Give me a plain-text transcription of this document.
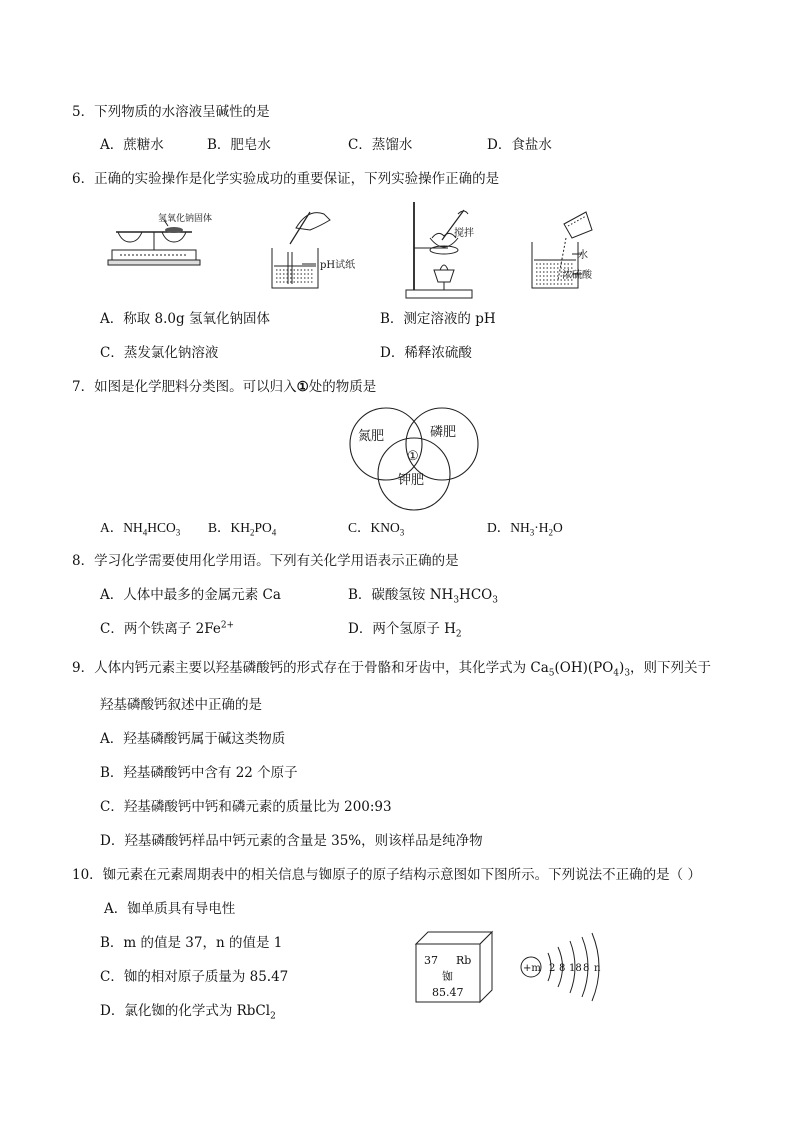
5．下列物质的水溶液呈碱性的是
A．蔗糖水	B．肥皂水	C．蒸馏水	D．食盐水
6．正确的实验操作是化学实验成功的重要保证，下列实验操作正确的是
氢氧化钠固体
pH试纸
搅拌
水
浓硫酸
A．称取 8.0g 氢氧化钠固体	B．测定溶液的 pH
C．蒸发氯化钠溶液	D．稀释浓硫酸
7．如图是化学肥料分类图。可以归入①处的物质是
氮肥	磷肥
钾肥
①
A．$NH_4HCO_3$ B．$KH_2PO_4$	C．$KNO_3$	D．$NH_3\cdot H_2O$
8．学习化学需要使用化学用语。下列有关化学用语表示正确的是
A．人体中最多的金属元素 Ca	B．碳酸氢铵 $NH_3HCO_3$
C．两个铁离子 $2Fe^{2+}$	D．两个氢原子 $H_2$
9．人体内钙元素主要以羟基磷酸钙的形式存在于骨骼和牙齿中，其化学式为 $Ca_5(OH)(PO_4)_3$，则下列关于
羟基磷酸钙叙述中正确的是
A．羟基磷酸钙属于碱这类物质
B．羟基磷酸钙中含有 22 个原子
C．羟基磷酸钙中钙和磷元素的质量比为 200:93
D．羟基磷酸钙样品中钙元素的含量是 35%，则该样品是纯净物
10．铷元素在元素周期表中的相关信息与铷原子的原子结构示意图如下图所示。下列说法不正确的是（ ）
A．铷单质具有导电性
B．m 的值是 37，n 的值是 1
C．铷的相对原子质量为 85.47
D．氯化铷的化学式为 RbCl$_2$
37 Rb
铷
85.47
+m 2 8 18 8 n
